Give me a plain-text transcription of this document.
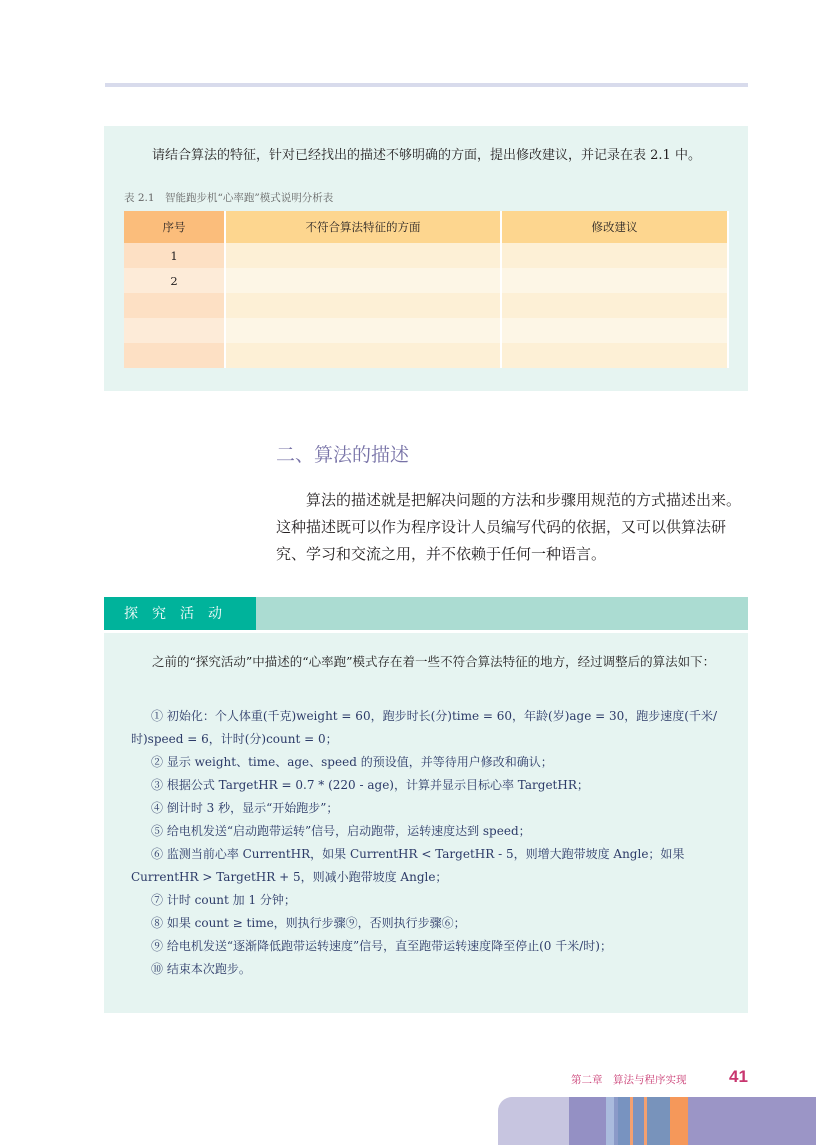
请结合算法的特征，针对已经找出的描述不够明确的方面，提出修改建议，并记录在表 2.1 中。
表 2.1　智能跑步机“心率跑”模式说明分析表
序号	不符合算法特征的方面	修改建议
1		
2		

二、算法的描述
算法的描述就是把解决问题的方法和步骤用规范的方式描述出来。这种描述既可以作为程序设计人员编写代码的依据，又可以供算法研究、学习和交流之用，并不依赖于任何一种语言。
探究活动
之前的“探究活动”中描述的“心率跑”模式存在着一些不符合算法特征的地方，经过调整后的算法如下：
① 初始化：个人体重(千克)weight = 60，跑步时长(分)time = 60，年龄(岁)age = 30，跑步速度(千米/时)speed = 6，计时(分)count = 0；
② 显示 weight、time、age、speed 的预设值，并等待用户修改和确认；
③ 根据公式 TargetHR = 0.7 * (220 - age)，计算并显示目标心率 TargetHR；
④ 倒计时 3 秒，显示“开始跑步”；
⑤ 给电机发送“启动跑带运转”信号，启动跑带，运转速度达到 speed；
⑥ 监测当前心率 CurrentHR，如果 CurrentHR < TargetHR - 5，则增大跑带坡度 Angle；如果 CurrentHR > TargetHR + 5，则减小跑带坡度 Angle；
⑦ 计时 count 加 1 分钟；
⑧ 如果 count ≥ time，则执行步骤⑨，否则执行步骤⑥；
⑨ 给电机发送“逐渐降低跑带运转速度”信号，直至跑带运转速度降至停止(0 千米/时)；
⑩ 结束本次跑步。
第二章　算法与程序实现	41
